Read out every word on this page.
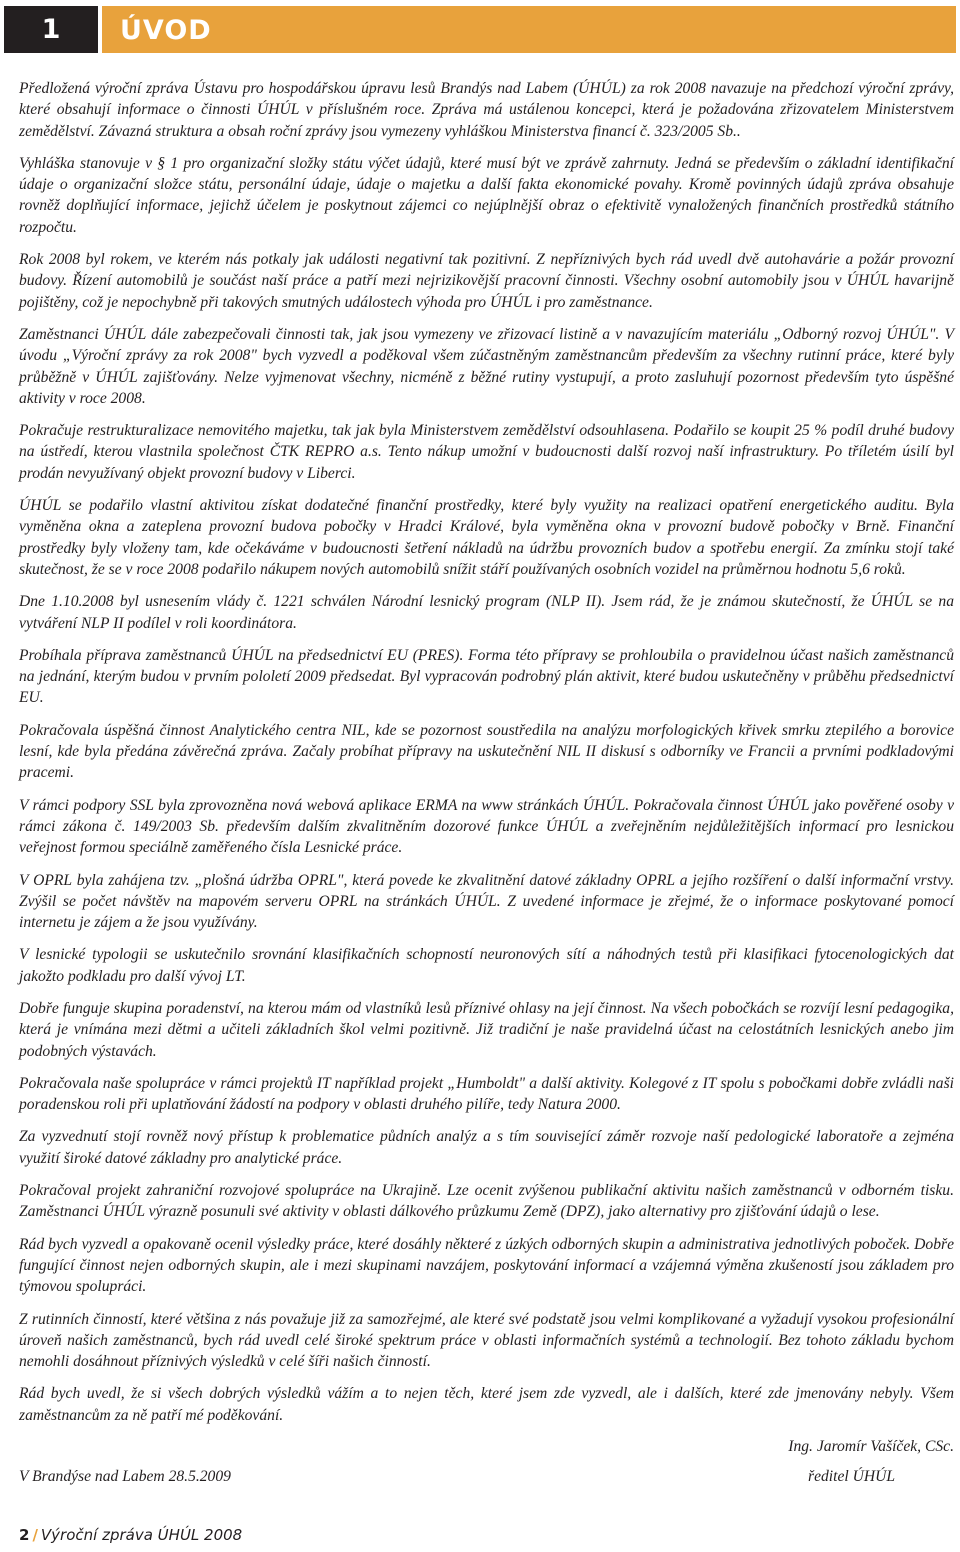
1	ÚVOD

Předložená výroční zpráva Ústavu pro hospodářskou úpravu lesů Brandýs nad Labem (ÚHÚL) za rok 2008 navazuje na předchozí výroční zprávy, které obsahují informace o činnosti ÚHÚL v příslušném roce. Zpráva má ustálenou koncepci, která je požadována zřizovatelem Ministerstvem zemědělství. Závazná struktura a obsah roční zprávy jsou vymezeny vyhláškou Ministerstva financí č. 323/2005 Sb..

Vyhláška stanovuje v § 1 pro organizační složky státu výčet údajů, které musí být ve zprávě zahrnuty. Jedná se především o základní identifikační údaje o organizační složce státu, personální údaje, údaje o majetku a další fakta ekonomické povahy. Kromě povinných údajů zpráva obsahuje rovněž doplňující informace, jejichž účelem je poskytnout zájemci co nejúplnější obraz o efektivitě vynaložených finančních prostředků státního rozpočtu.

Rok 2008 byl rokem, ve kterém nás potkaly jak události negativní tak pozitivní. Z nepříznivých bych rád uvedl dvě autohavárie a požár provozní budovy. Řízení automobilů je součást naší práce a patří mezi nejrizikovější pracovní činnosti. Všechny osobní automobily jsou v ÚHÚL havarijně pojištěny, což je nepochybně při takových smutných událostech výhoda pro ÚHÚL i pro zaměstnance.

Zaměstnanci ÚHÚL dále zabezpečovali činnosti tak, jak jsou vymezeny ve zřizovací listině a v navazujícím materiálu „Odborný rozvoj ÚHÚL". V úvodu „Výroční zprávy za rok 2008" bych vyzvedl a poděkoval všem zúčastněným zaměstnancům především za všechny rutinní práce, které byly průběžně v ÚHÚL zajišťovány. Nelze vyjmenovat všechny, nicméně z běžné rutiny vystupují, a proto zasluhují pozornost především tyto úspěšné aktivity v roce 2008.

Pokračuje restrukturalizace nemovitého majetku, tak jak byla Ministerstvem zemědělství odsouhlasena. Podařilo se koupit 25 % podíl druhé budovy na ústředí, kterou vlastnila společnost ČTK REPRO a.s. Tento nákup umožní v budoucnosti další rozvoj naší infrastruktury. Po tříletém úsilí byl prodán nevyužívaný objekt provozní budovy v Liberci.

ÚHÚL se podařilo vlastní aktivitou získat dodatečné finanční prostředky, které byly využity na realizaci opatření energetického auditu. Byla vyměněna okna a zateplena provozní budova pobočky v Hradci Králové, byla vyměněna okna v provozní budově pobočky v Brně. Finanční prostředky byly vloženy tam, kde očekáváme v budoucnosti šetření nákladů na údržbu provozních budov a spotřebu energií. Za zmínku stojí také skutečnost, že se v roce 2008 podařilo nákupem nových automobilů snížit stáří používaných osobních vozidel na průměrnou hodnotu 5,6 roků.

Dne 1.10.2008 byl usnesením vlády č. 1221 schválen Národní lesnický program (NLP II). Jsem rád, že je známou skutečností, že ÚHÚL se na vytváření NLP II podílel v roli koordinátora.

Probíhala příprava zaměstnanců ÚHÚL na předsednictví EU (PRES). Forma této přípravy se prohloubila o pravidelnou účast našich zaměstnanců na jednání, kterým budou v prvním pololetí 2009 předsedat. Byl vypracován podrobný plán aktivit, které budou uskutečněny v průběhu předsednictví EU.

Pokračovala úspěšná činnost Analytického centra NIL, kde se pozornost soustředila na analýzu morfologických křivek smrku ztepilého a borovice lesní, kde byla předána závěrečná zpráva. Začaly probíhat přípravy na uskutečnění NIL II diskusí s odborníky ve Francii a prvními podkladovými pracemi.

V rámci podpory SSL byla zprovozněna nová webová aplikace ERMA na www stránkách ÚHÚL. Pokračovala činnost ÚHÚL jako pověřené osoby v rámci zákona č. 149/2003 Sb. především dalším zkvalitněním dozorové funkce ÚHÚL a zveřejněním nejdůležitějších informací pro lesnickou veřejnost formou speciálně zaměřeného čísla Lesnické práce.

V OPRL byla zahájena tzv. „plošná údržba OPRL", která povede ke zkvalitnění datové základny OPRL a jejího rozšíření o další informační vrstvy. Zvýšil se počet návštěv na mapovém serveru OPRL na stránkách ÚHÚL. Z uvedené informace je zřejmé, že o informace poskytované pomocí internetu je zájem a že jsou využívány.

V lesnické typologii se uskutečnilo srovnání klasifikačních schopností neuronových sítí a náhodných testů při klasifikaci fytocenologických dat jakožto podkladu pro další vývoj LT.

Dobře funguje skupina poradenství, na kterou mám od vlastníků lesů příznivé ohlasy na její činnost. Na všech pobočkách se rozvíjí lesní pedagogika, která je vnímána mezi dětmi a učiteli základních škol velmi pozitivně. Již tradiční je naše pravidelná účast na celostátních lesnických anebo jim podobných výstavách.

Pokračovala naše spolupráce v rámci projektů IT například projekt „Humboldt" a další aktivity. Kolegové z IT spolu s pobočkami dobře zvládli naši poradenskou roli při uplatňování žádostí na podpory v oblasti druhého pilíře, tedy Natura 2000.

Za vyzvednutí stojí rovněž nový přístup k problematice půdních analýz a s tím související záměr rozvoje naší pedologické laboratoře a zejména využití široké datové základny pro analytické práce.

Pokračoval projekt zahraniční rozvojové spolupráce na Ukrajině. Lze ocenit zvýšenou publikační aktivitu našich zaměstnanců v odborném tisku. Zaměstnanci ÚHÚL výrazně posunuli své aktivity v oblasti dálkového průzkumu Země (DPZ), jako alternativy pro zjišťování údajů o lese.

Rád bych vyzvedl a opakovaně ocenil výsledky práce, které dosáhly některé z úzkých odborných skupin a administrativa jednotlivých poboček. Dobře fungující činnost nejen odborných skupin, ale i mezi skupinami navzájem, poskytování informací a vzájemná výměna zkušeností jsou základem pro týmovou spolupráci.

Z rutinních činností, které většina z nás považuje již za samozřejmé, ale které své podstatě jsou velmi komplikované a vyžadují vysokou profesionální úroveň našich zaměstnanců, bych rád uvedl celé široké spektrum práce v oblasti informačních systémů a technologií. Bez tohoto základu bychom nemohli dosáhnout příznivých výsledků v celé šíři našich činností.

Rád bych uvedl, že si všech dobrých výsledků vážím a to nejen těch, které jsem zde vyzvedl, ale i dalších, které zde jmenovány nebyly. Všem zaměstnancům za ně patří mé poděkování.

Ing. Jaromír Vašíček, CSc.
V Brandýse nad Labem 28.5.2009	ředitel ÚHÚL
2 / Výroční zpráva ÚHÚL 2008
